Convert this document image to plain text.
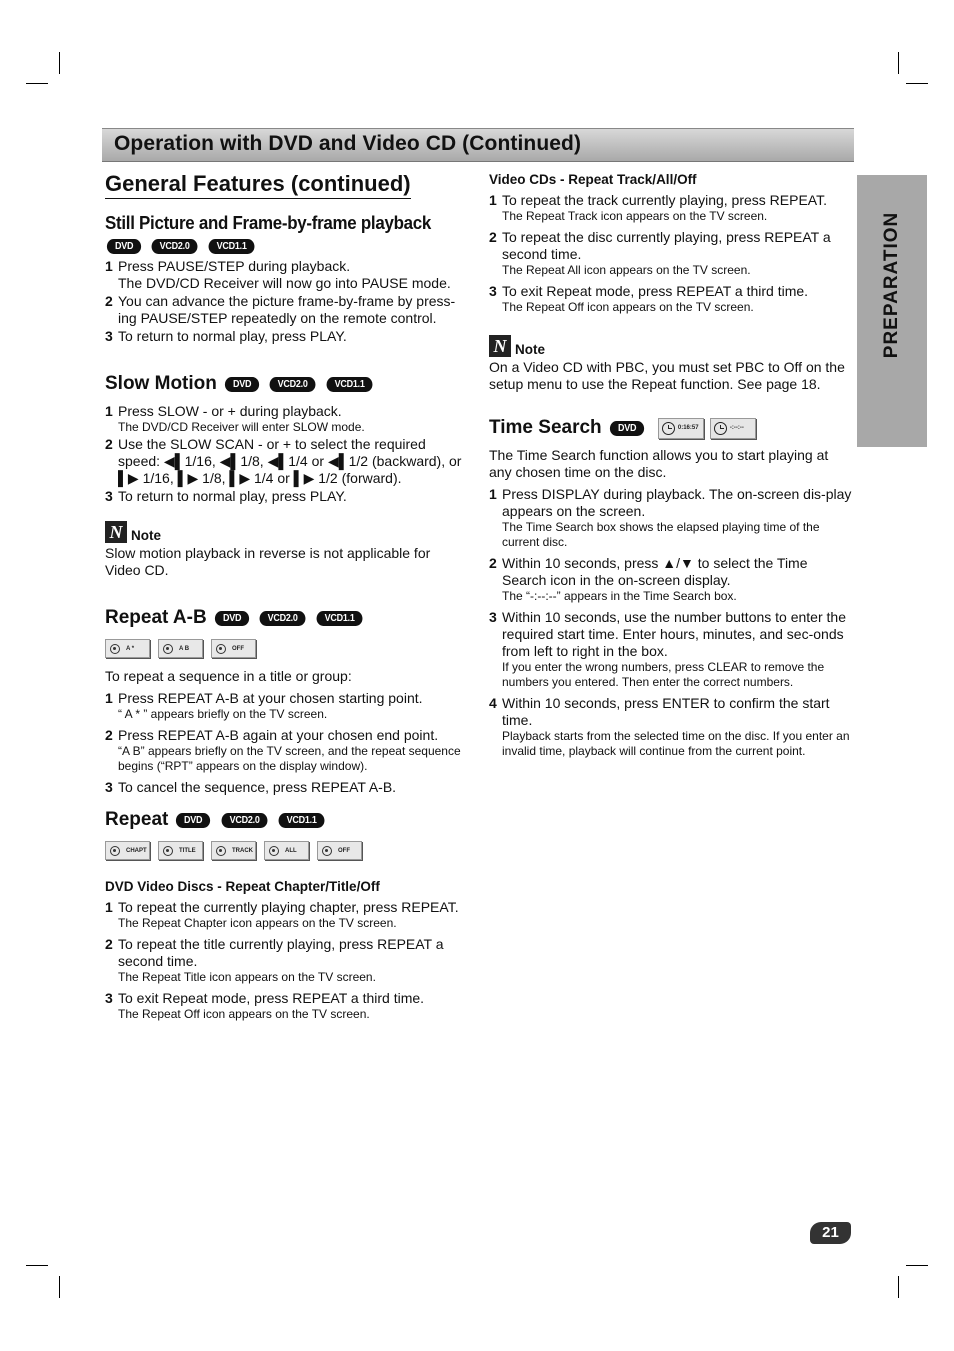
Operation with DVD and Video CD (Continued)
PREPARATION
General Features (continued)
Still Picture and Frame-by-frame playback
DVD	VCD2.0	VCD1.1
1 Press PAUSE/STEP during playback.
The DVD/CD Receiver will now go into PAUSE mode.
2 You can advance the picture frame-by-frame by press-ing PAUSE/STEP repeatedly on the remote control.
3 To return to normal play, press PLAY.
Slow Motion	DVD	VCD2.0	VCD1.1
1 Press SLOW - or + during playback.
The DVD/CD Receiver will enter SLOW mode.
2 Use the SLOW SCAN - or + to select the required speed: ◀▌1/16, ◀▌1/8, ◀▌1/4 or ◀▌1/2 (backward), or ▌▶ 1/16, ▌▶ 1/8, ▌▶ 1/4 or ▌▶ 1/2 (forward).
3 To return to normal play, press PLAY.
N Note

Slow motion playback in reverse is not applicable for Video CD.

Repeat A-B	DVD	VCD2.0	VCD1.1
A *	A B	OFF

To repeat a sequence in a title or group:

1 Press REPEAT A-B at your chosen starting point.
“ A * ” appears briefly on the TV screen.
2 Press REPEAT A-B again at your chosen end point.
“A B” appears briefly on the TV screen, and the repeat sequence begins (“RPT” appears on the display window).
3 To cancel the sequence, press REPEAT A-B.
Repeat	DVD	VCD2.0	VCD1.1
CHAPT	TITLE	TRACK	ALL	OFF
DVD Video Discs - Repeat Chapter/Title/Off
1 To repeat the currently playing chapter, press REPEAT.
The Repeat Chapter icon appears on the TV screen.
2 To repeat the title currently playing, press REPEAT a second time.
The Repeat Title icon appears on the TV screen.
3 To exit Repeat mode, press REPEAT a third time.
The Repeat Off icon appears on the TV screen.
Video CDs - Repeat Track/All/Off
1 To repeat the track currently playing, press REPEAT.
The Repeat Track icon appears on the TV screen.
2 To repeat the disc currently playing, press REPEAT a second time.
The Repeat All icon appears on the TV screen.
3 To exit Repeat mode, press REPEAT a third time.
The Repeat Off icon appears on the TV screen.
N Note

On a Video CD with PBC, you must set PBC to Off on the setup menu to use the Repeat function. See page 18.

Time Search	DVD	0:16:57	-:--:--

The Time Search function allows you to start playing at any chosen time on the disc.

1 Press DISPLAY during playback. The on-screen dis-play appears on the screen.
The Time Search box shows the elapsed playing time of the current disc.
2 Within 10 seconds, press ▲/▼ to select the Time Search icon in the on-screen display.
The “-:--:--” appears in the Time Search box.
3 Within 10 seconds, use the number buttons to enter the required start time. Enter hours, minutes, and sec-onds from left to right in the box.
If you enter the wrong numbers, press CLEAR to remove the numbers you entered. Then enter the correct numbers.
4 Within 10 seconds, press ENTER to confirm the start time.
Playback starts from the selected time on the disc. If you enter an invalid time, playback will continue from the current point.
21
